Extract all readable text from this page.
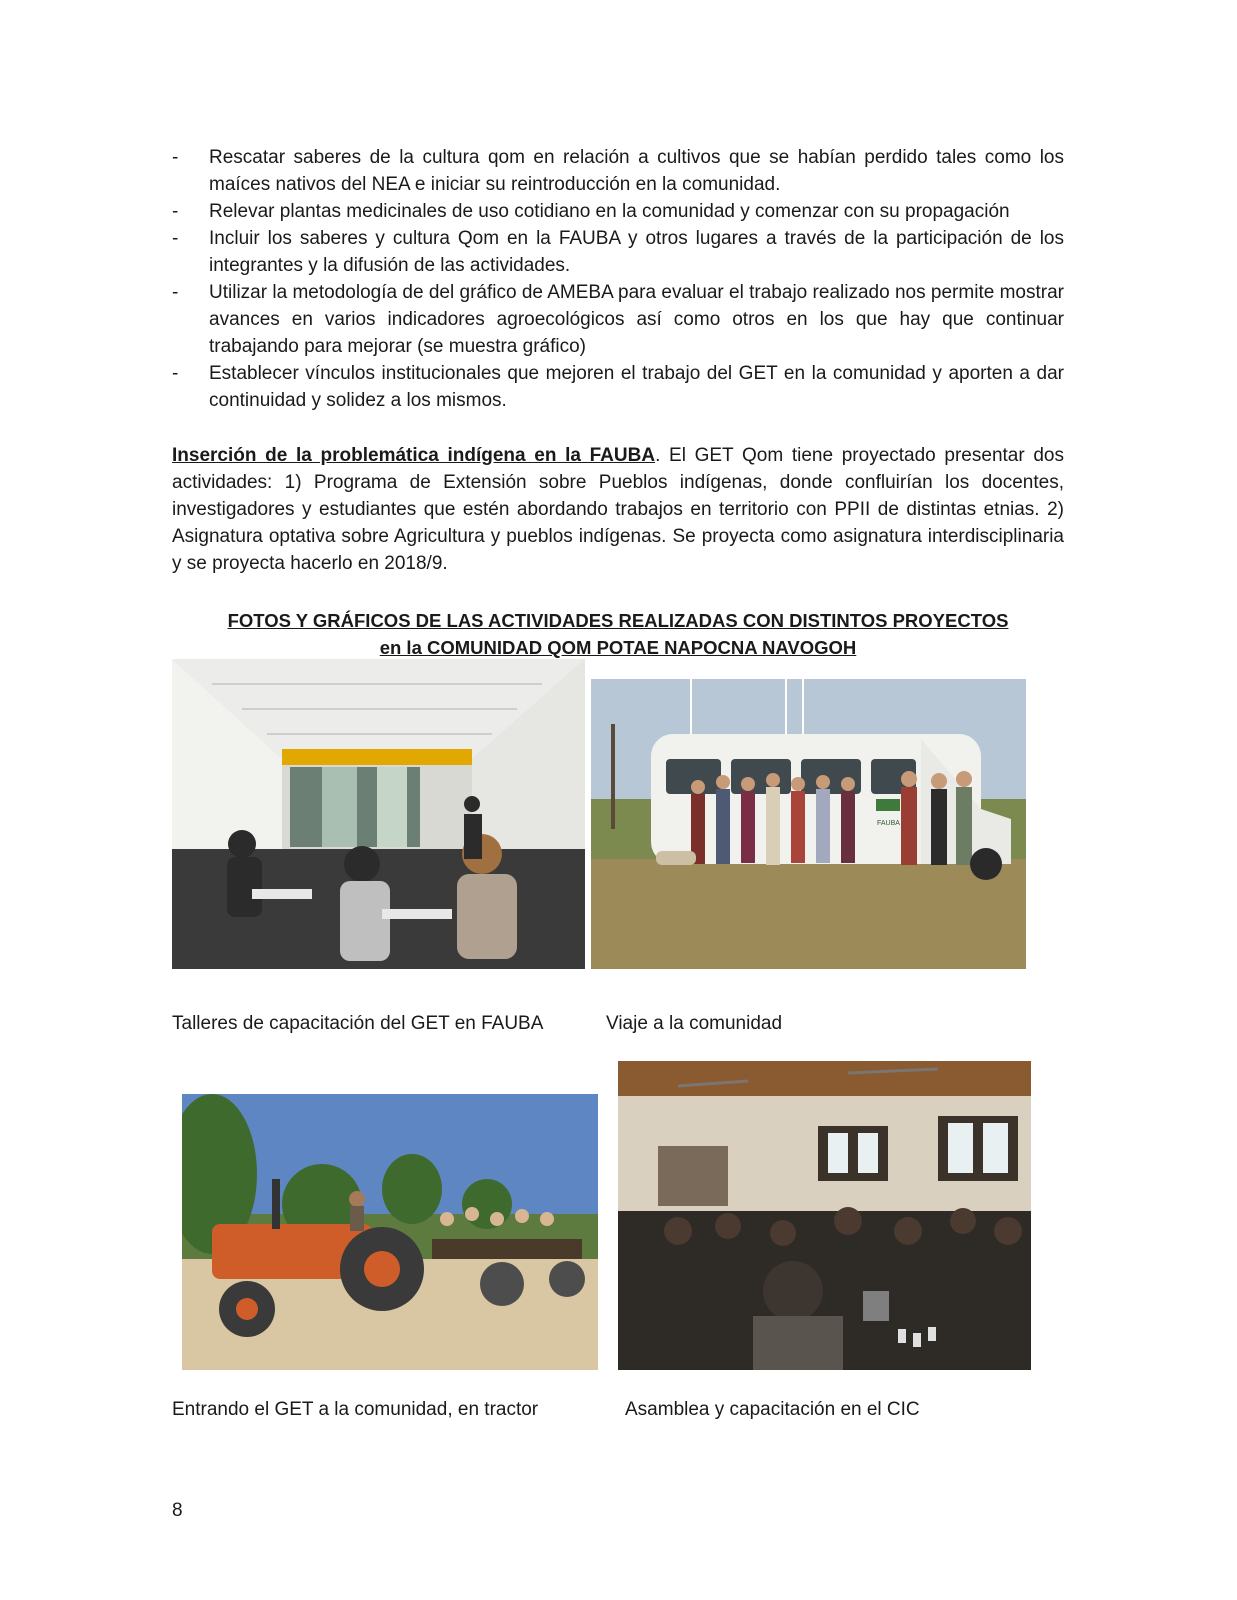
- Rescatar saberes de la cultura qom en relación a cultivos que se habían perdido tales como los maíces nativos del NEA e iniciar su reintroducción en la comunidad.
- Relevar plantas medicinales de uso cotidiano en la comunidad y comenzar con su propagación
- Incluir los saberes y cultura Qom en la FAUBA y otros lugares a través de la participación de los integrantes y la difusión de las actividades.
- Utilizar la metodología de del gráfico de AMEBA para evaluar el trabajo realizado nos permite mostrar avances en varios indicadores agroecológicos así como otros en los que hay que continuar trabajando para mejorar (se muestra gráfico)
- Establecer vínculos institucionales que mejoren el trabajo del GET en la comunidad y aporten a dar continuidad y solidez a los mismos.

Inserción de la problemática indígena en la FAUBA. El GET Qom tiene proyectado presentar dos actividades: 1) Programa de Extensión sobre Pueblos indígenas, donde confluirían los docentes, investigadores y estudiantes que estén abordando trabajos en territorio con PPII de distintas etnias. 2) Asignatura optativa sobre Agricultura y pueblos indígenas. Se proyecta como asignatura interdisciplinaria y se proyecta hacerlo en 2018/9.

FOTOS Y GRÁFICOS DE LAS ACTIVIDADES REALIZADAS CON DISTINTOS PROYECTOS
en la COMUNIDAD QOM POTAE NAPOCNA NAVOGOH
FAUBA
Talleres de capacitación del GET en FAUBA	Viaje a la comunidad
Entrando el GET a la comunidad, en tractor	Asamblea y capacitación en el CIC
8
